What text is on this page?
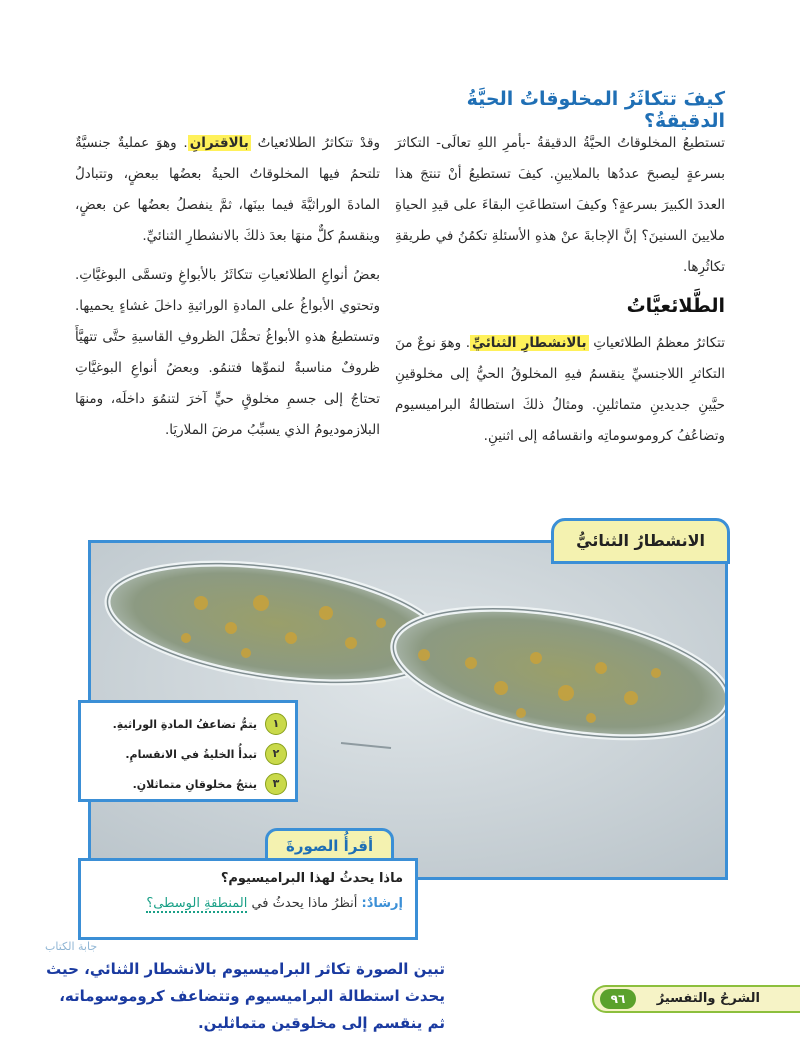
كيفَ تتكاثَرُ المخلوقاتُ الحيَّةُ الدقيقةُ؟

تستطيعُ المخلوقاتُ الحيَّةُ الدقيقةُ -بأمرِ اللهِ تعالَى- التكاثرَ بسرعةٍ ليصبحَ عددُها بالملايينِ. كيفَ تستطيعُ أنْ تنتجَ هذا العددَ الكبيرَ بسرعةٍ؟ وكيفَ استطاعَتِ البقاءَ على قيدِ الحياةِ ملايينَ السنينَ؟ إنَّ الإجابةَ عنْ هذهِ الأسئلةِ تكمُنُ في طريقةِ تكاثُرِها.

الطَّلائعيَّاتُ

تتكاثرُ معظمُ الطلائعياتِ بالانشطارِ الثنائيِّ. وهوَ نوعٌ منَ التكاثرِ اللاجنسيِّ ينقسمُ فيهِ المخلوقُ الحيُّ إلى مخلوقينِ حيَّينِ جديدينِ متماثلينِ. ومثالُ ذلكَ استطالةُ البراميسيوم وتضاعُفُ كروموسوماتِه وانقسامُه إلى اثنينِ.

وقدْ تتكاثرُ الطلائعياتُ بالاقترانِ. وهوَ عمليةٌ جنسيَّةٌ تلتحمُ فيها المخلوقاتُ الحيةُ بعضُها ببعضٍ، وتتبادلُ المادةَ الوراثيَّةَ فيما بينَها، ثمَّ ينفصلُ بعضُها عن بعضٍ، وينقسمُ كلٌّ منهَا بعدَ ذلكَ بالانشطارِ الثنائيِّ.

بعضُ أنواعِ الطلائعياتِ تتكاثَرُ بالأبواغِ وتسمَّى البوغيَّاتِ. وتحتوي الأبواغُ على المادةِ الوراثيةِ داخلَ غشاءٍ يحميها. وتستطيعُ هذهِ الأبواغُ تحمُّلَ الظروفِ القاسيةِ حتَّى تتهيَّأَ ظروفٌ مناسبةٌ لنموِّها فتنمُو. وبعضُ أنواعِ البوغيَّاتِ تحتاجُ إلى جسمِ مخلوقٍ حيٍّ آخرَ لتنمُوَ داخلَه، ومنهَا البلازموديومُ الذي يسبِّبُ مرضَ الملاريَا.

الانشطارُ الثنائيُّ
١
يتمُّ تضاعفُ المادةِ الوراثيةِ.
٢
تبدأُ الخليةُ في الانقسامِ.
٣
ينتجُ مخلوقانِ متماثلانِ.
أقرأُ الصورةَ
ماذا يحدثُ لهذا البراميسيوم؟
إرشادٌ: أنظرُ ماذا يحدثُ في المنطقةِ الوسطى؟
جابة الكتاب
تبين الصورة تكاثر البراميسيوم بالانشطار الثنائي، حيث يحدث استطالة البراميسيوم وتتضاعف كروموسوماته، ثم ينقسم إلى مخلوقين متماثلين.
الشرحُ والتفسيرُ
٩٦
